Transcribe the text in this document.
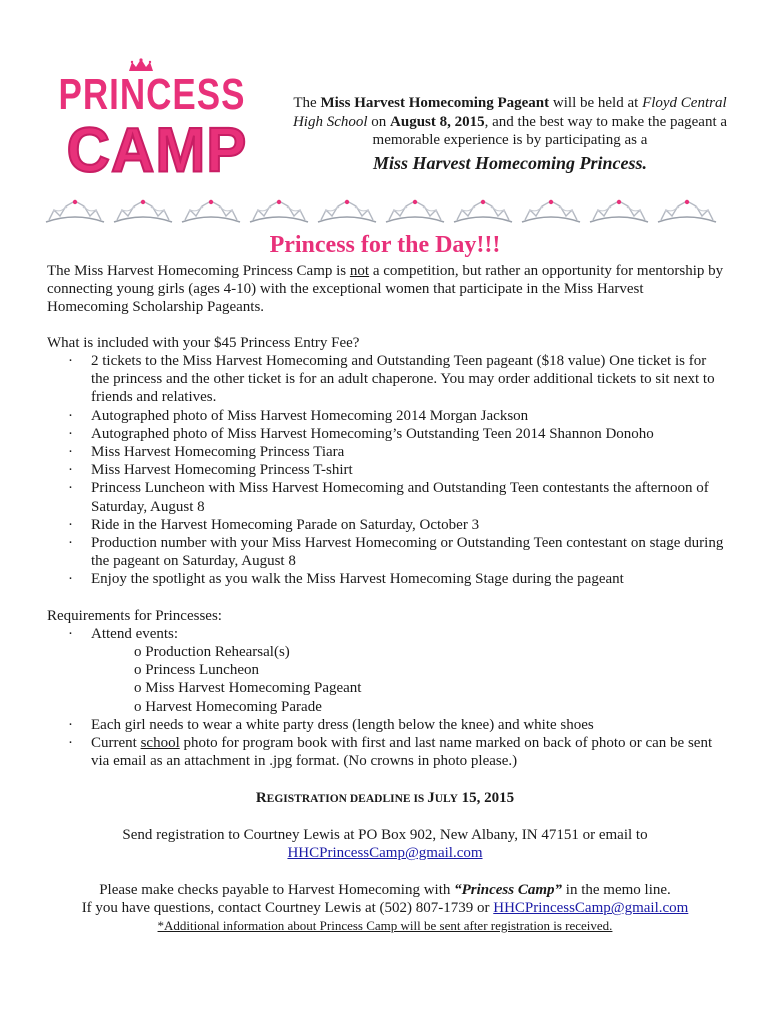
PRINCESS
CAMP
The Miss Harvest Homecoming Pageant will be held at Floyd Central High School on August 8, 2015, and the best way to make the pageant a memorable experience is by participating as a
Miss Harvest Homecoming Princess.
Princess for the Day!!!
The Miss Harvest Homecoming Princess Camp is not a competition, but rather an opportunity for mentorship by connecting young girls (ages 4-10) with the exceptional women that participate in the Miss Harvest Homecoming Scholarship Pageants.
What is included with your $45 Princess Entry Fee?
· 2 tickets to the Miss Harvest Homecoming and Outstanding Teen pageant ($18 value) One ticket is for the princess and the other ticket is for an adult chaperone. You may order additional tickets to sit next to friends and relatives.
· Autographed photo of Miss Harvest Homecoming 2014 Morgan Jackson
· Autographed photo of Miss Harvest Homecoming’s Outstanding Teen 2014 Shannon Donoho
· Miss Harvest Homecoming Princess Tiara
· Miss Harvest Homecoming Princess T-shirt
· Princess Luncheon with Miss Harvest Homecoming and Outstanding Teen contestants the afternoon of Saturday, August 8
· Ride in the Harvest Homecoming Parade on Saturday, October 3
· Production number with your Miss Harvest Homecoming or Outstanding Teen contestant on stage during the pageant on Saturday, August 8
· Enjoy the spotlight as you walk the Miss Harvest Homecoming Stage during the pageant
Requirements for Princesses:
· Attend events:
o Production Rehearsal(s)
o Princess Luncheon
o Miss Harvest Homecoming Pageant
o Harvest Homecoming Parade
· Each girl needs to wear a white party dress (length below the knee) and white shoes
· Current school photo for program book with first and last name marked on back of photo or can be sent via email as an attachment in .jpg format. (No crowns in photo please.)
REGISTRATION DEADLINE IS JULY 15, 2015
Send registration to Courtney Lewis at PO Box 902, New Albany, IN 47151 or email to
HHCPrincessCamp@gmail.com
Please make checks payable to Harvest Homecoming with “Princess Camp” in the memo line.
If you have questions, contact Courtney Lewis at (502) 807-1739 or HHCPrincessCamp@gmail.com
*Additional information about Princess Camp will be sent after registration is received.
